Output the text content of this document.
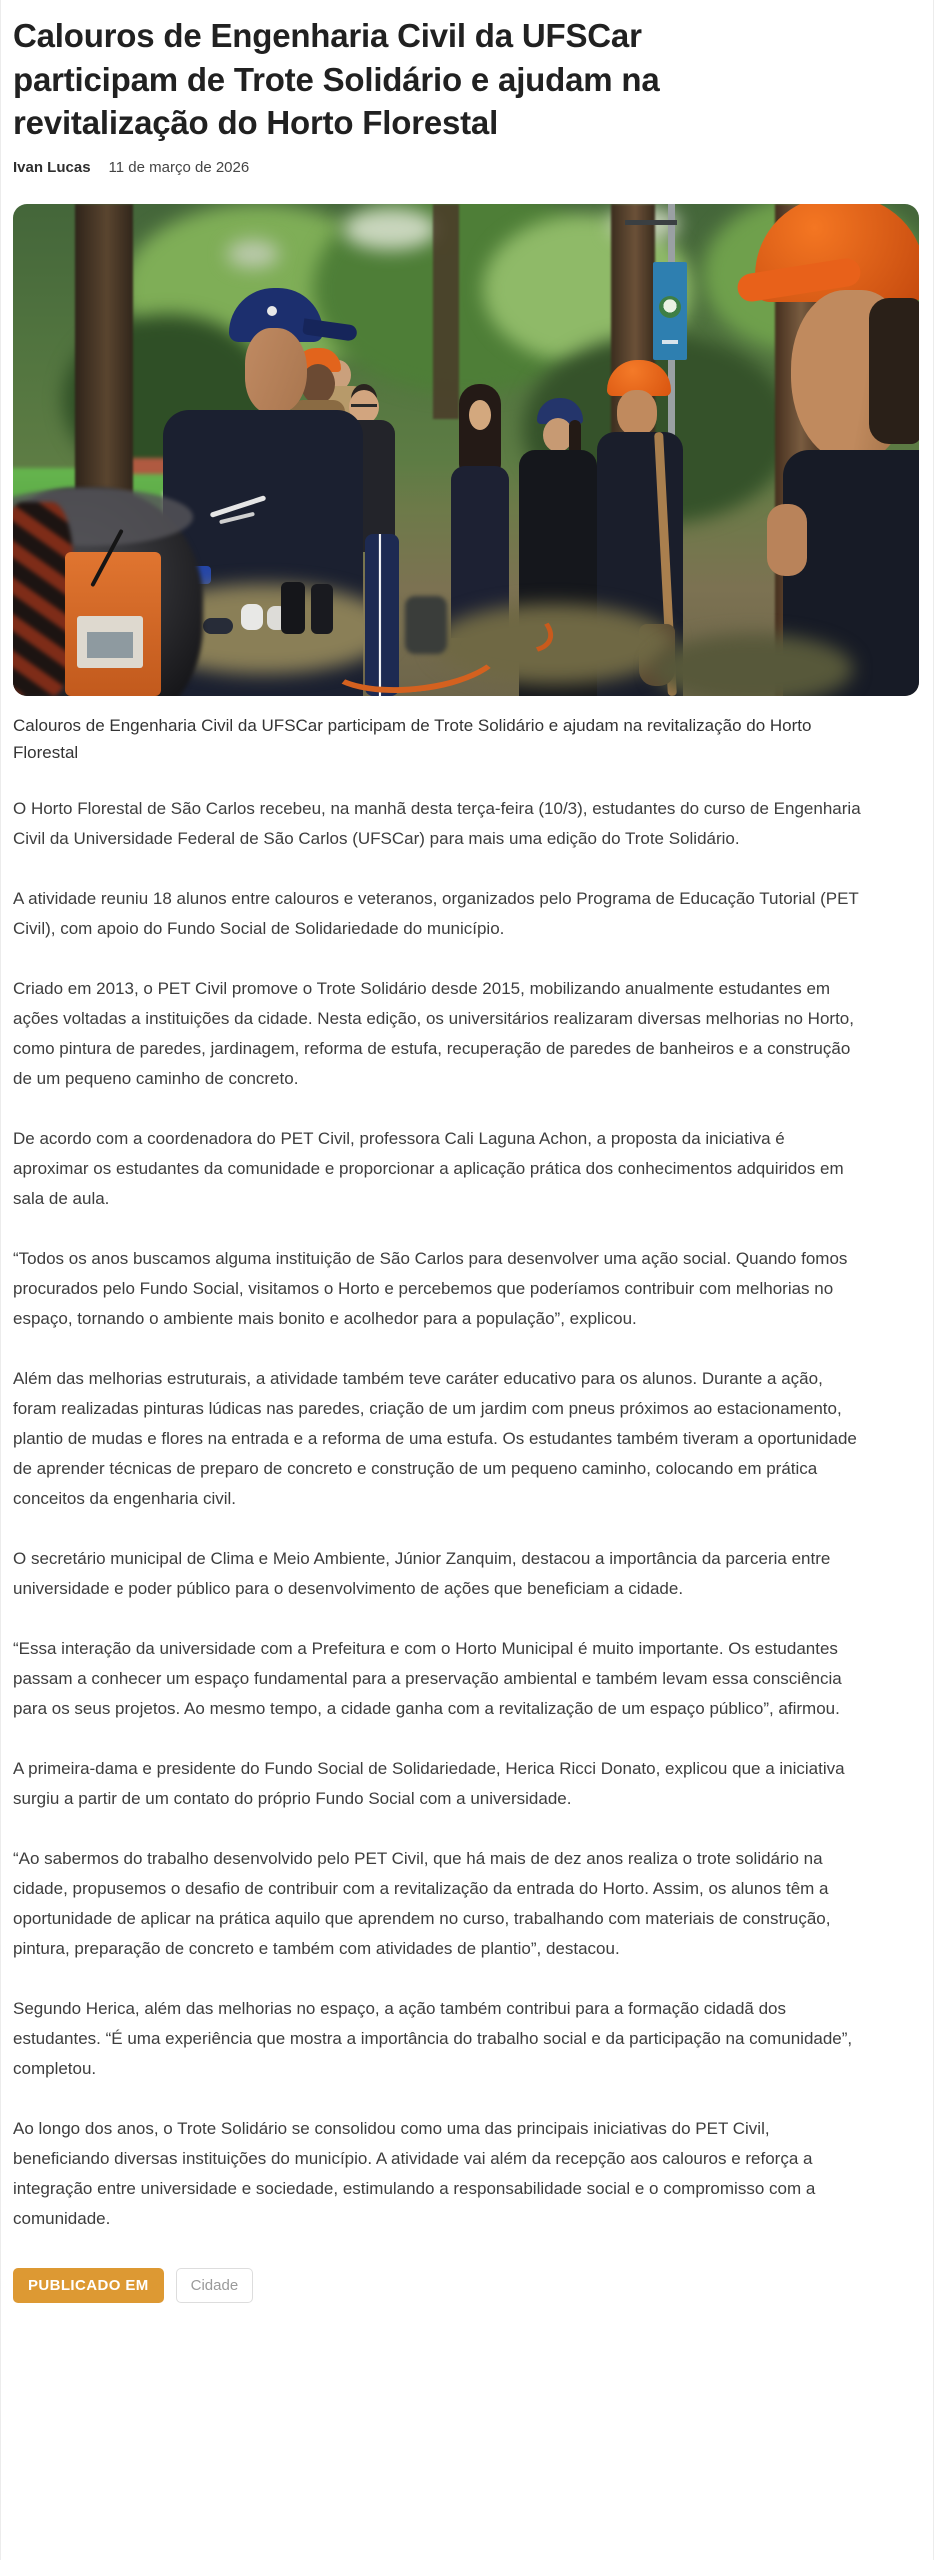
Calouros de Engenharia Civil da UFSCar participam de Trote Solidário e ajudam na revitalização do Horto Florestal
Ivan Lucas 11 de março de 2026

Calouros de Engenharia Civil da UFSCar participam de Trote Solidário e ajudam na revitalização do Horto Florestal

O Horto Florestal de São Carlos recebeu, na manhã desta terça-feira (10/3), estudantes do curso de Engenharia Civil da Universidade Federal de São Carlos (UFSCar) para mais uma edição do Trote Solidário.

A atividade reuniu 18 alunos entre calouros e veteranos, organizados pelo Programa de Educação Tutorial (PET Civil), com apoio do Fundo Social de Solidariedade do município.

Criado em 2013, o PET Civil promove o Trote Solidário desde 2015, mobilizando anualmente estudantes em ações voltadas a instituições da cidade. Nesta edição, os universitários realizaram diversas melhorias no Horto, como pintura de paredes, jardinagem, reforma de estufa, recuperação de paredes de banheiros e a construção de um pequeno caminho de concreto.

De acordo com a coordenadora do PET Civil, professora Cali Laguna Achon, a proposta da iniciativa é aproximar os estudantes da comunidade e proporcionar a aplicação prática dos conhecimentos adquiridos em sala de aula.

“Todos os anos buscamos alguma instituição de São Carlos para desenvolver uma ação social. Quando fomos procurados pelo Fundo Social, visitamos o Horto e percebemos que poderíamos contribuir com melhorias no espaço, tornando o ambiente mais bonito e acolhedor para a população”, explicou.

Além das melhorias estruturais, a atividade também teve caráter educativo para os alunos. Durante a ação, foram realizadas pinturas lúdicas nas paredes, criação de um jardim com pneus próximos ao estacionamento, plantio de mudas e flores na entrada e a reforma de uma estufa. Os estudantes também tiveram a oportunidade de aprender técnicas de preparo de concreto e construção de um pequeno caminho, colocando em prática conceitos da engenharia civil.

O secretário municipal de Clima e Meio Ambiente, Júnior Zanquim, destacou a importância da parceria entre universidade e poder público para o desenvolvimento de ações que beneficiam a cidade.

“Essa interação da universidade com a Prefeitura e com o Horto Municipal é muito importante. Os estudantes passam a conhecer um espaço fundamental para a preservação ambiental e também levam essa consciência para os seus projetos. Ao mesmo tempo, a cidade ganha com a revitalização de um espaço público”, afirmou.

A primeira-dama e presidente do Fundo Social de Solidariedade, Herica Ricci Donato, explicou que a iniciativa surgiu a partir de um contato do próprio Fundo Social com a universidade.

“Ao sabermos do trabalho desenvolvido pelo PET Civil, que há mais de dez anos realiza o trote solidário na cidade, propusemos o desafio de contribuir com a revitalização da entrada do Horto. Assim, os alunos têm a oportunidade de aplicar na prática aquilo que aprendem no curso, trabalhando com materiais de construção, pintura, preparação de concreto e também com atividades de plantio”, destacou.

Segundo Herica, além das melhorias no espaço, a ação também contribui para a formação cidadã dos estudantes. “É uma experiência que mostra a importância do trabalho social e da participação na comunidade”, completou.

Ao longo dos anos, o Trote Solidário se consolidou como uma das principais iniciativas do PET Civil, beneficiando diversas instituições do município. A atividade vai além da recepção aos calouros e reforça a integração entre universidade e sociedade, estimulando a responsabilidade social e o compromisso com a comunidade.

PUBLICADO EM	Cidade
